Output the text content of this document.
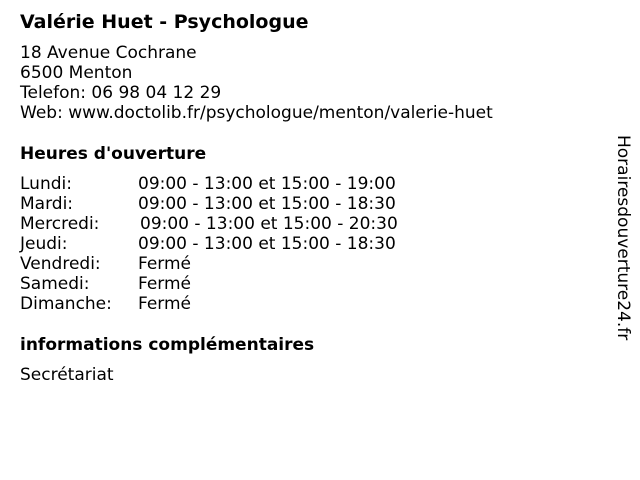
Valérie Huet - Psychologue
18 Avenue Cochrane
6500 Menton
Telefon: 06 98 04 12 29
Web: www.doctolib.fr/psychologue/menton/valerie-huet
Heures d'ouverture
Lundi:	09:00 - 13:00 et 15:00 - 19:00
Mardi:	09:00 - 13:00 et 15:00 - 18:30
Mercredi:	09:00 - 13:00 et 15:00 - 20:30
Jeudi:	09:00 - 13:00 et 15:00 - 18:30
Vendredi:	Fermé
Samedi:	Fermé
Dimanche:	Fermé
informations complémentaires
Secrétariat
Horairesdouverture24.fr
